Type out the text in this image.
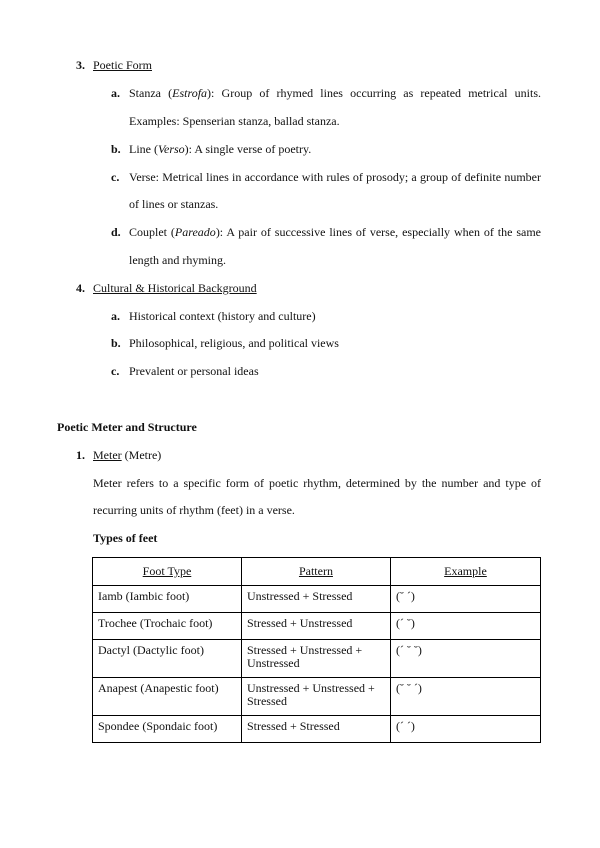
3. Poetic Form
a. Stanza (Estrofa): Group of rhymed lines occurring as repeated metrical units.
Examples: Spenserian stanza, ballad stanza.
b. Line (Verso): A single verse of poetry.
c. Verse: Metrical lines in accordance with rules of prosody; a group of definite number
of lines or stanzas.
d. Couplet (Pareado): A pair of successive lines of verse, especially when of the same
length and rhyming.
4. Cultural & Historical Background
a. Historical context (history and culture)
b. Philosophical, religious, and political views
c. Prevalent or personal ideas
Poetic Meter and Structure
1. Meter (Metre)
Meter refers to a specific form of poetic rhythm, determined by the number and type of
recurring units of rhythm (feet) in a verse.
Types of feet
Foot Type	Pattern	Example
Iamb (Iambic foot)	Unstressed + Stressed	(˘ ´)
Trochee (Trochaic foot)	Stressed + Unstressed	(´ ˘)
Dactyl (Dactylic foot)	Stressed + Unstressed + Unstressed	(´ ˘ ˘)
Anapest (Anapestic foot)	Unstressed + Unstressed + Stressed	(˘ ˘ ´)
Spondee (Spondaic foot)	Stressed + Stressed	(´ ´)
